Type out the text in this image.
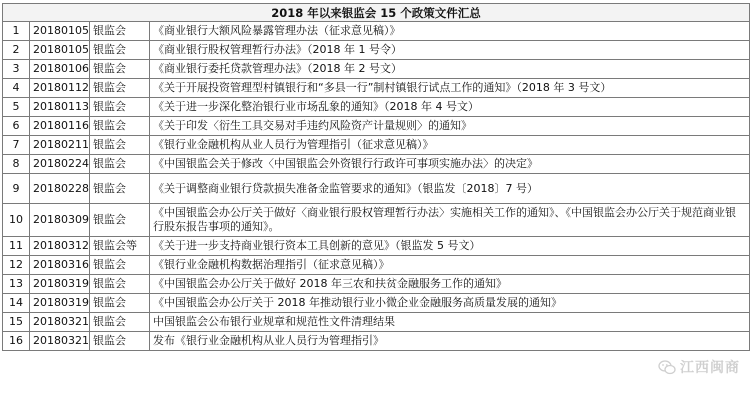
2018 年以来银监会 15 个政策文件汇总			
1	20180105	银监会	《商业银行大额风险暴露管理办法（征求意见稿）》
2	20180105	银监会	《商业银行股权管理暂行办法》（2018 年 1 号令）
3	20180106	银监会	《商业银行委托贷款管理办法》（2018 年 2 号文）
4	20180112	银监会	《关于开展投资管理型村镇银行和“多县一行”制村镇银行试点工作的通知》（2018 年 3 号文）
5	20180113	银监会	《关于进一步深化整治银行业市场乱象的通知》（2018 年 4 号文）
6	20180116	银监会	《关于印发〈衍生工具交易对手违约风险资产计量规则〉的通知》
7	20180211	银监会	《银行业金融机构从业人员行为管理指引（征求意见稿）》
8	20180224	银监会	《中国银监会关于修改〈中国银监会外资银行行政许可事项实施办法〉的决定》
9	20180228	银监会	《关于调整商业银行贷款损失准备金监管要求的通知》（银监发〔2018〕7 号）
10	20180309	银监会	《中国银监会办公厅关于做好〈商业银行股权管理暂行办法〉实施相关工作的通知》、《中国银监会办公厅关于规范商业银行股东报告事项的通知》。
11	20180312	银监会等	《关于进一步支持商业银行资本工具创新的意见》（银监发 5 号文）
12	20180316	银监会	《银行业金融机构数据治理指引（征求意见稿）》
13	20180319	银监会	《中国银监会办公厅关于做好 2018 年三农和扶贫金融服务工作的通知》
14	20180319	银监会	《中国银监会办公厅关于 2018 年推动银行业小微企业金融服务高质量发展的通知》
15	20180321	银监会	中国银监会公布银行业规章和规范性文件清理结果
16	20180321	银监会	发布《银行业金融机构从业人员行为管理指引》
江西闽商
